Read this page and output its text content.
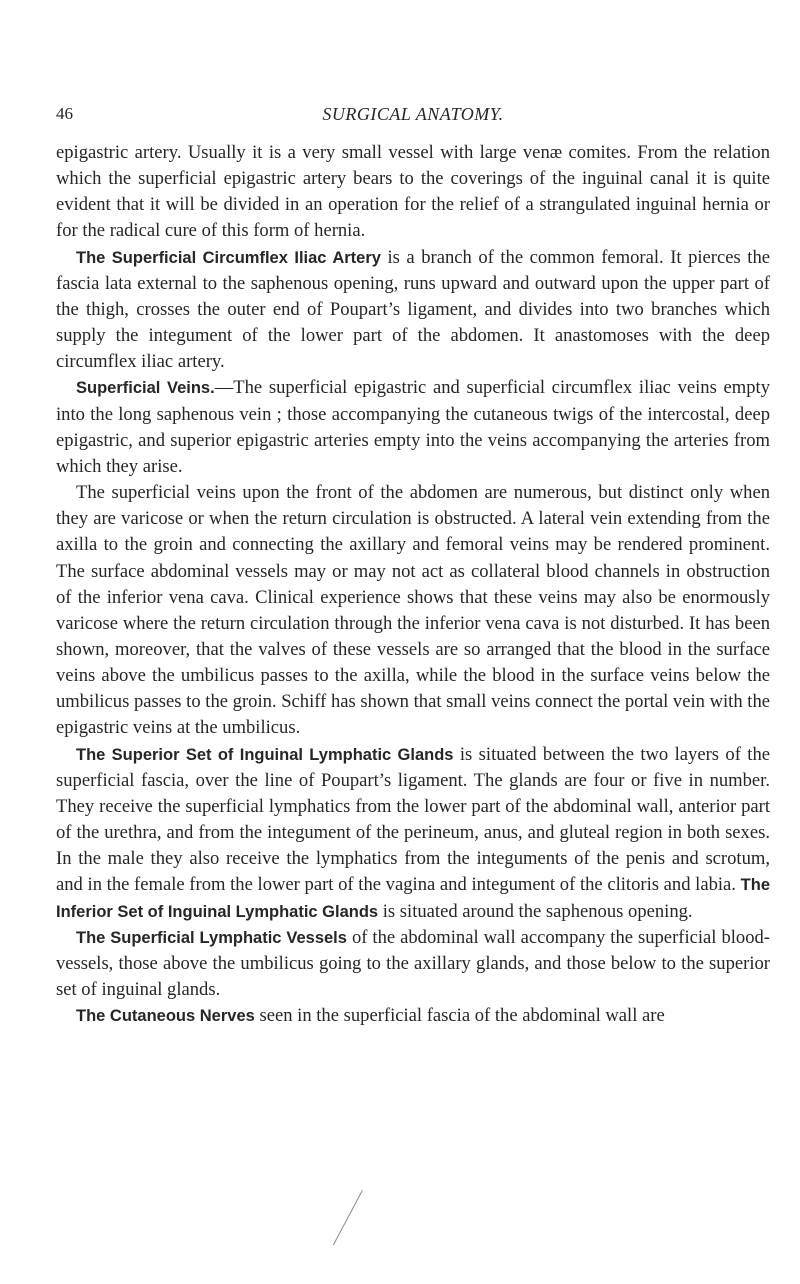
46	SURGICAL ANATOMY.

epigastric artery. Usually it is a very small vessel with large venæ comites. From the relation which the superficial epigastric artery bears to the coverings of the inguinal canal it is quite evident that it will be divided in an operation for the relief of a strangulated inguinal hernia or for the radical cure of this form of hernia.

The Superficial Circumflex Iliac Artery is a branch of the common femoral. It pierces the fascia lata external to the saphenous opening, runs upward and outward upon the upper part of the thigh, crosses the outer end of Poupart’s ligament, and divides into two branches which supply the integument of the lower part of the abdomen. It anastomoses with the deep circumflex iliac artery.

Superficial Veins.—The superficial epigastric and superficial circumflex iliac veins empty into the long saphenous vein ; those accompanying the cutaneous twigs of the intercostal, deep epigastric, and superior epigastric arteries empty into the veins accompanying the arteries from which they arise.

The superficial veins upon the front of the abdomen are numerous, but distinct only when they are varicose or when the return circulation is obstructed. A lateral vein extending from the axilla to the groin and connecting the axillary and femoral veins may be rendered prominent. The surface abdominal vessels may or may not act as collateral blood channels in obstruction of the inferior vena cava. Clinical experience shows that these veins may also be enormously varicose where the return circulation through the inferior vena cava is not disturbed. It has been shown, moreover, that the valves of these vessels are so arranged that the blood in the surface veins above the umbilicus passes to the axilla, while the blood in the surface veins below the umbilicus passes to the groin. Schiff has shown that small veins connect the portal vein with the epigastric veins at the umbilicus.

The Superior Set of Inguinal Lymphatic Glands is situated between the two layers of the superficial fascia, over the line of Poupart’s ligament. The glands are four or five in number. They receive the superficial lymphatics from the lower part of the abdominal wall, anterior part of the urethra, and from the integument of the perineum, anus, and gluteal region in both sexes. In the male they also receive the lymphatics from the integuments of the penis and scrotum, and in the female from the lower part of the vagina and integument of the clitoris and labia. The Inferior Set of Inguinal Lymphatic Glands is situated around the saphenous opening.

The Superficial Lymphatic Vessels of the abdominal wall accompany the superficial blood-vessels, those above the umbilicus going to the axillary glands, and those below to the superior set of inguinal glands.

The Cutaneous Nerves seen in the superficial fascia of the abdominal wall are
